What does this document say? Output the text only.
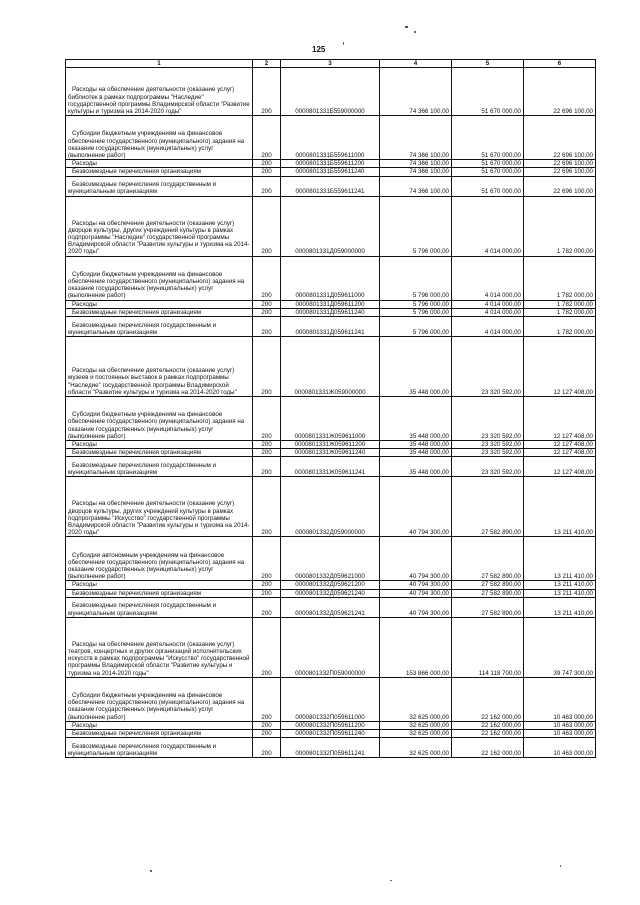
125
1	2	3	4	5	6

Расходы на обеспечение деятельности (оказание услуг) библиотек в рамках подпрограммы "Наследие" государственной программы Владимирской области "Развитие культуры и туризма на 2014-2020 годы"	200	0000801331Б559000000	74 366 100,00	51 670 000,00	22 696 100,00

Субсидии бюджетным учреждениям на финансовое обеспечение государственного (муниципального) задания на оказание государственных (муниципальных) услуг (выполнение работ)	200	0000801331Б559611000	74 366 100,00	51 670 000,00	22 696 100,00

Расходы	200	0000801331Б559611200	74 366 100,00	51 670 000,00	22 696 100,00

Безвозмездные перечисления организациям	200	0000801331Б559611240	74 366 100,00	51 670 000,00	22 696 100,00

Безвозмездные перечисления государственным и муниципальным организациям	200	0000801331Б559611241	74 366 100,00	51 670 000,00	22 696 100,00

Расходы на обеспечение деятельности (оказание услуг) дворцов культуры, других учреждений культуры в рамках подпрограммы "Наследие" государственной программы Владимирской области "Развитие культуры и туризма на 2014-2020 годы"	200	0000801331Д059000000	5 796 000,00	4 014 000,00	1 782 000,00

Субсидии бюджетным учреждениям на финансовое обеспечение государственного (муниципального) задания на оказание государственных (муниципальных) услуг (выполнение работ)	200	0000801331Д059611000	5 796 000,00	4 014 000,00	1 782 000,00

Расходы	200	0000801331Д059611200	5 796 000,00	4 014 000,00	1 782 000,00

Безвозмездные перечисления организациям	200	0000801331Д059611240	5 796 000,00	4 014 000,00	1 782 000,00

Безвозмездные перечисления государственным и муниципальным организациям	200	0000801331Д059611241	5 796 000,00	4 014 000,00	1 782 000,00

Расходы на обеспечение деятельности (оказание услуг) музеев и постоянных выставок в рамках подпрограммы "Наследие" государственной программы Владимирской области "Развитие культуры и туризма на 2014-2020 годы"	200	0000801331Ж059000000	35 448 000,00	23 320 592,00	12 127 408,00

Субсидии бюджетным учреждениям на финансовое обеспечение государственного (муниципального) задания на оказание государственных (муниципальных) услуг (выполнение работ)	200	0000801331Ж059611000	35 448 000,00	23 320 592,00	12 127 408,00

Расходы	200	0000801331Ж059611200	35 448 000,00	23 320 592,00	12 127 408,00

Безвозмездные перечисления организациям	200	0000801331Ж059611240	35 448 000,00	23 320 592,00	12 127 408,00

Безвозмездные перечисления государственным и муниципальным организациям	200	0000801331Ж059611241	35 448 000,00	23 320 592,00	12 127 408,00

Расходы на обеспечение деятельности (оказание услуг) дворцов культуры, других учреждений культуры в рамках подпрограммы "Искусство" государственной программы Владимирской области "Развитие культуры и туризма на 2014-2020 годы"	200	0000801332Д059000000	40 794 300,00	27 582 890,00	13 211 410,00

Субсидии автономным учреждениям на финансовое обеспечение государственного (муниципального) задания на оказание государственных (муниципальных) услуг (выполнение работ)	200	0000801332Д059621000	40 794 300,00	27 582 890,00	13 211 410,00

Расходы	200	0000801332Д059621200	40 794 300,00	27 582 890,00	13 211 410,00

Безвозмездные перечисления организациям	200	0000801332Д059621240	40 794 300,00	27 582 890,00	13 211 410,00

Безвозмездные перечисления государственным и муниципальным организациям	200	0000801332Д059621241	40 794 300,00	27 582 890,00	13 211 410,00

Расходы на обеспечение деятельности (оказание услуг) театров, концертных и других организаций исполнительских искусств в рамках подпрограммы "Искусство" государственной программы Владимирской области "Развитие культуры и туризма на 2014-2020 годы"	200	0000801332П059000000	153 866 000,00	114 118 700,00	39 747 300,00

Субсидии бюджетным учреждениям на финансовое обеспечение государственного (муниципального) задания на оказание государственных (муниципальных) услуг (выполнение работ)	200	0000801332П059611000	32 625 000,00	22 162 000,00	10 463 000,00

Расходы	200	0000801332П059611200	32 625 000,00	22 162 000,00	10 463 000,00

Безвозмездные перечисления организациям	200	0000801332П059611240	32 625 000,00	22 162 000,00	10 463 000,00

Безвозмездные перечисления государственным и муниципальным организациям	200	0000801332П059611241	32 625 000,00	22 162 000,00	10 463 000,00
